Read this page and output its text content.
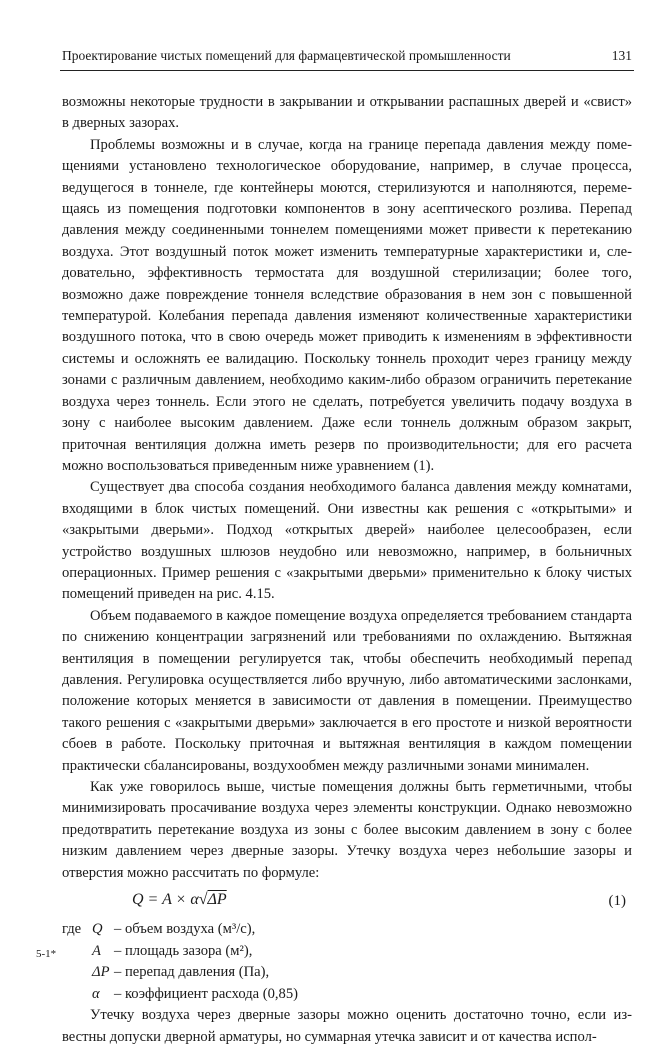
Проектирование чистых помещений для фармацевтической промышленности	131

возможны некоторые трудности в закрывании и открывании распашных дверей и «свист» в дверных зазорах.

Проблемы возможны и в случае, когда на границе перепада давления между помещениями установлено технологическое оборудование, например, в случае процесса, ведущегося в тоннеле, где контейнеры моются, стерилизуются и наполняются, перемещаясь из помещения подготовки компонентов в зону асептического розлива. Перепад давления между соединенными тоннелем помещениями может привести к перетеканию воздуха. Этот воздушный поток может изменить температурные характеристики и, следовательно, эффективность термостата для воздушной стерилизации; более того, возможно даже повреждение тоннеля вследствие образования в нем зон с повышенной температурой. Колебания перепада давления изменяют количественные характеристики воздушного потока, что в свою очередь может приводить к изменениям в эффективности системы и осложнять ее валидацию. Поскольку тоннель проходит через границу между зонами с различным давлением, необходимо каким-либо образом ограничить перетекание воздуха через тоннель. Если этого не сделать, потребуется увеличить подачу воздуха в зону с наиболее высоким давлением. Даже если тоннель должным образом закрыт, приточная вентиляция должна иметь резерв по производительности; для его расчета можно воспользоваться приведенным ниже уравнением (1).

Существует два способа создания необходимого баланса давления между комнатами, входящими в блок чистых помещений. Они известны как решения с «открытыми» и «закрытыми дверьми». Подход «открытых дверей» наиболее целесообразен, если устройство воздушных шлюзов неудобно или невозможно, например, в больничных операционных. Пример решения с «закрытыми дверьми» применительно к блоку чистых помещений приведен на рис. 4.15.

Объем подаваемого в каждое помещение воздуха определяется требованием стандарта по снижению концентрации загрязнений или требованиями по охлаждению. Вытяжная вентиляция в помещении регулируется так, чтобы обеспечить необходимый перепад давления. Регулировка осуществляется либо вручную, либо автоматическими заслонками, положение которых меняется в зависимости от давления в помещении. Преимущество такого решения с «закрытыми дверьми» заключается в его простоте и низкой вероятности сбоев в работе. Поскольку приточная и вытяжная вентиляция в каждом помещении практически сбалансированы, воздухообмен между различными зонами минимален.

Как уже говорилось выше, чистые помещения должны быть герметичными, чтобы минимизировать просачивание воздуха через элементы конструкции. Однако невозможно предотвратить перетекание воздуха из зоны с более высоким давлением в зону с более низким давлением через дверные зазоры. Утечку воздуха через небольшие зазоры и отверстия можно рассчитать по формуле:

Q = A × α√ΔP	(1)
где Q – объем воздуха (м³/с),
A – площадь зазора (м²),
ΔP – перепад давления (Па),
α – коэффициент расхода (0,85)

Утечку воздуха через дверные зазоры можно оценить достаточно точно, если известны допуски дверной арматуры, но суммарная утечка зависит и от качества испол-

5-1*
